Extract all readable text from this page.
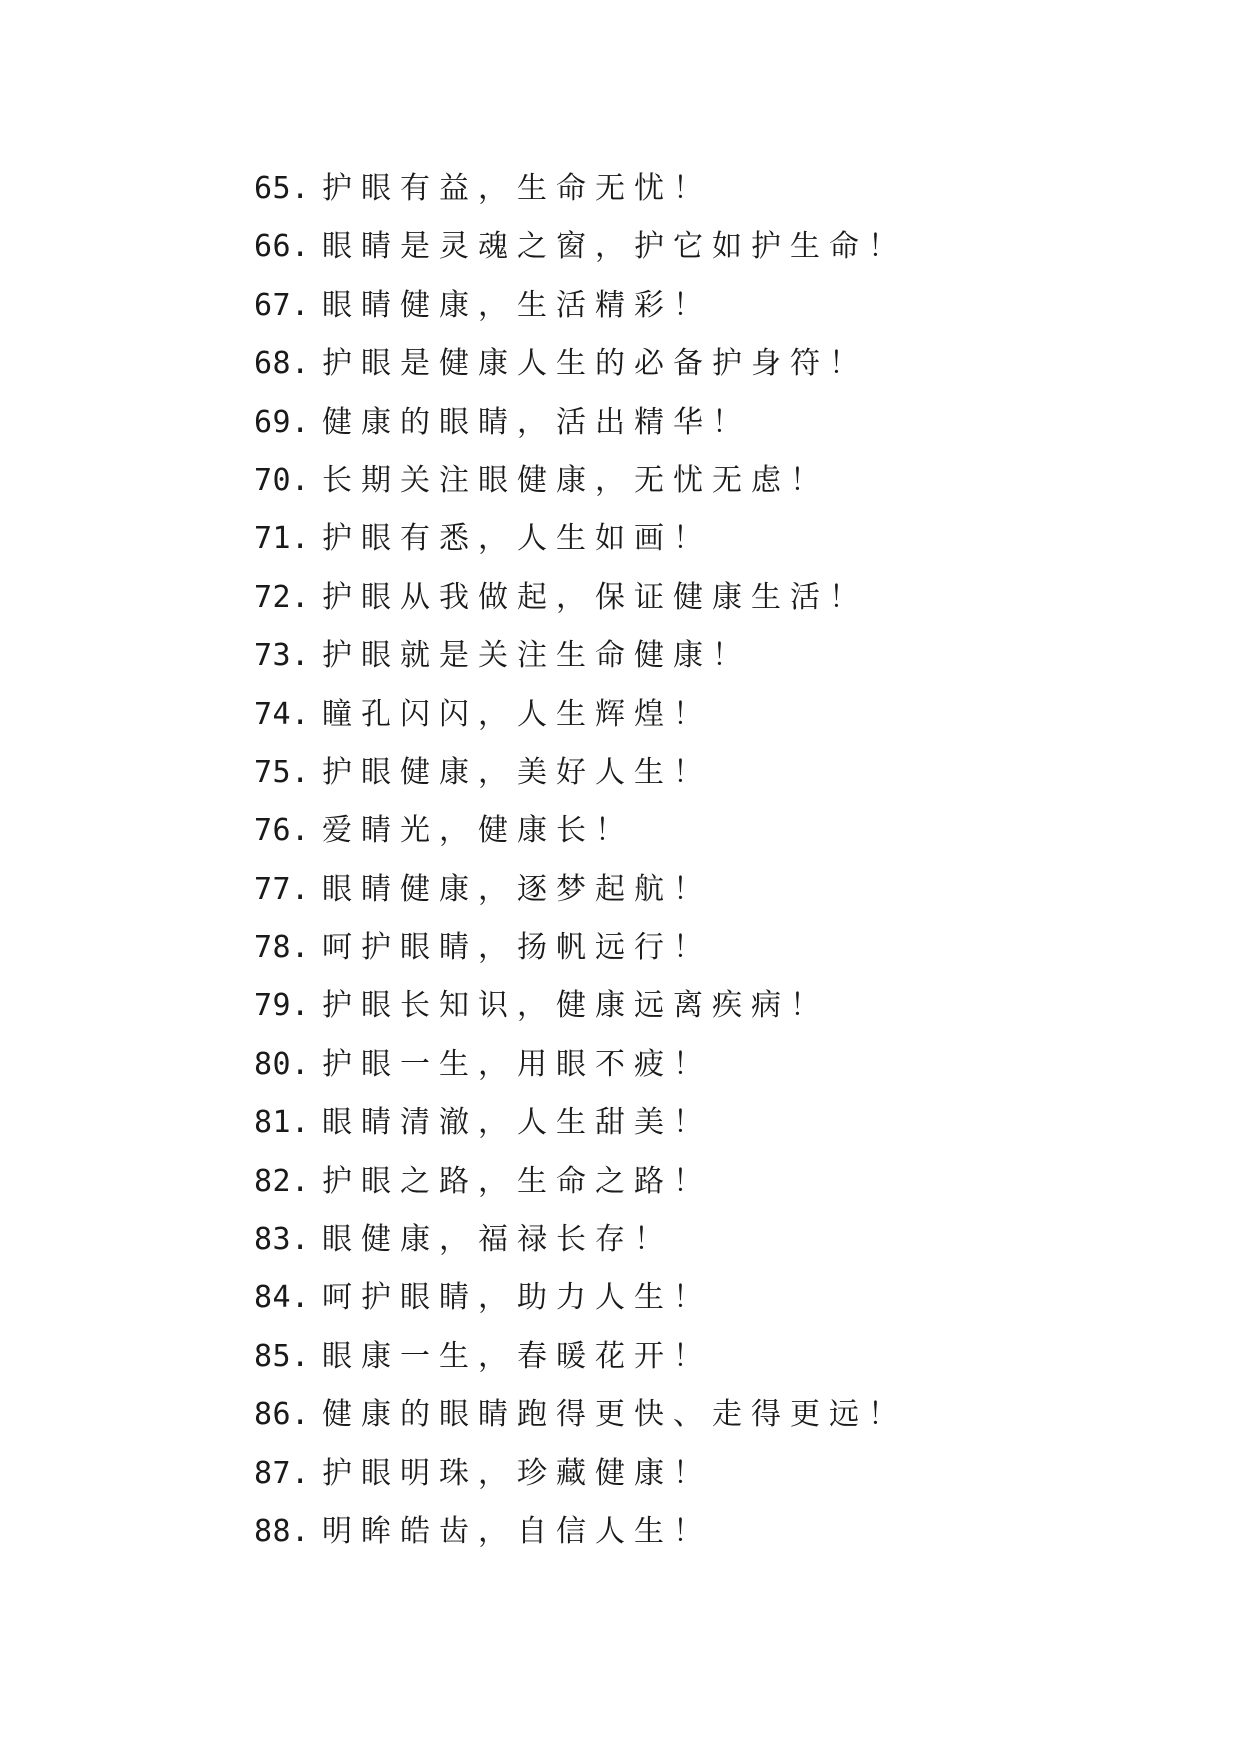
65. 护眼有益，生命无忧！
66. 眼睛是灵魂之窗，护它如护生命！
67. 眼睛健康，生活精彩！
68. 护眼是健康人生的必备护身符！
69. 健康的眼睛，活出精华！
70. 长期关注眼健康，无忧无虑！
71. 护眼有悉，人生如画！
72. 护眼从我做起，保证健康生活！
73. 护眼就是关注生命健康！
74. 瞳孔闪闪，人生辉煌！
75. 护眼健康，美好人生！
76. 爱睛光，健康长！
77. 眼睛健康，逐梦起航！
78. 呵护眼睛，扬帆远行！
79. 护眼长知识，健康远离疾病！
80. 护眼一生，用眼不疲！
81. 眼睛清澈，人生甜美！
82. 护眼之路，生命之路！
83. 眼健康，福禄长存！
84. 呵护眼睛，助力人生！
85. 眼康一生，春暖花开！
86. 健康的眼睛跑得更快、走得更远！
87. 护眼明珠，珍藏健康！
88. 明眸皓齿，自信人生！
